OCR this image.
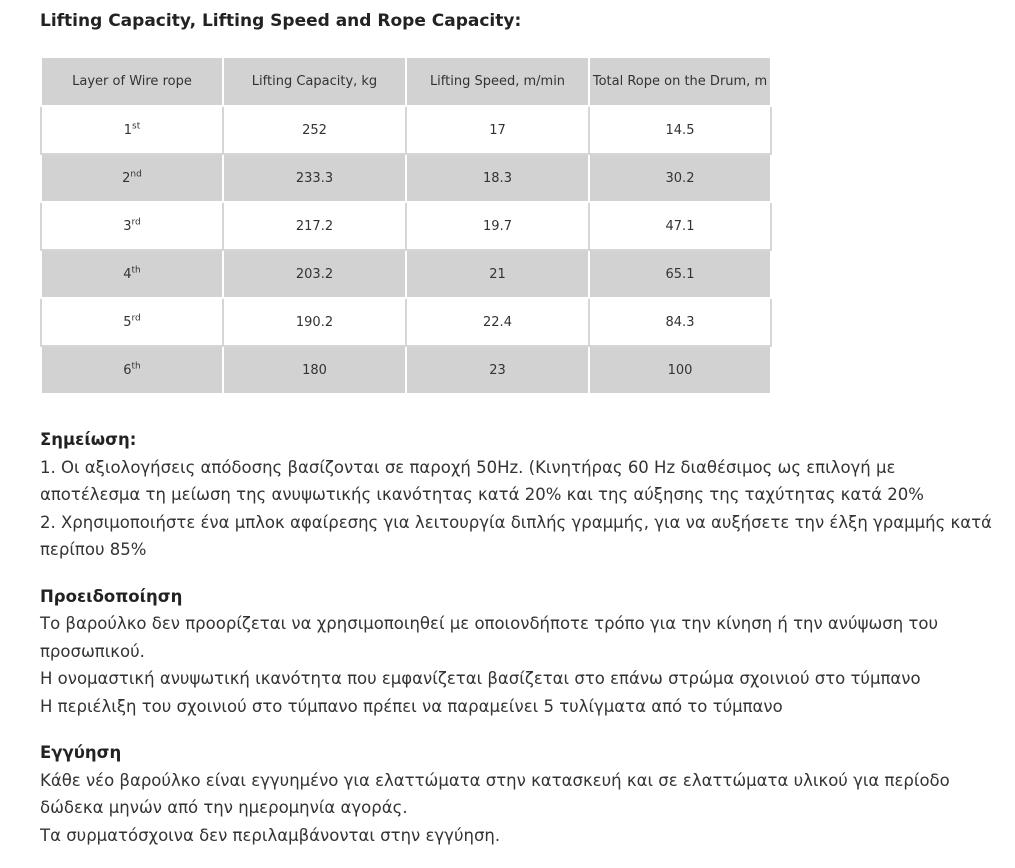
Lifting Capacity, Lifting Speed and Rope Capacity:
Layer of Wire rope	Lifting Capacity, kg	Lifting Speed, m/min	Total Rope on the Drum, m
1st	252	17	14.5
2nd	233.3	18.3	30.2
3rd	217.2	19.7	47.1
4th	203.2	21	65.1
5rd	190.2	22.4	84.3
6th	180	23	100
Σημείωση:

1. Οι αξιολογήσεις απόδοσης βασίζονται σε παροχή 50Hz. (Κινητήρας 60 Hz διαθέσιμος ως επιλογή με αποτέλεσμα τη μείωση της ανυψωτικής ικανότητας κατά 20% και της αύξησης της ταχύτητας κατά 20%

2. Χρησιμοποιήστε ένα μπλοκ αφαίρεσης για λειτουργία διπλής γραμμής, για να αυξήσετε την έλξη γραμμής κατά περίπου 85%

Προειδοποίηση

Το βαρούλκο δεν προορίζεται να χρησιμοποιηθεί με οποιονδήποτε τρόπο για την κίνηση ή την ανύψωση του προσωπικού.

Η ονομαστική ανυψωτική ικανότητα που εμφανίζεται βασίζεται στο επάνω στρώμα σχοινιού στο τύμπανο

Η περιέλιξη του σχοινιού στο τύμπανο πρέπει να παραμείνει 5 τυλίγματα από το τύμπανο

Εγγύηση

Κάθε νέο βαρούλκο είναι εγγυημένο για ελαττώματα στην κατασκευή και σε ελαττώματα υλικού για περίοδο δώδεκα μηνών από την ημερομηνία αγοράς.

Τα συρματόσχοινα δεν περιλαμβάνονται στην εγγύηση.
